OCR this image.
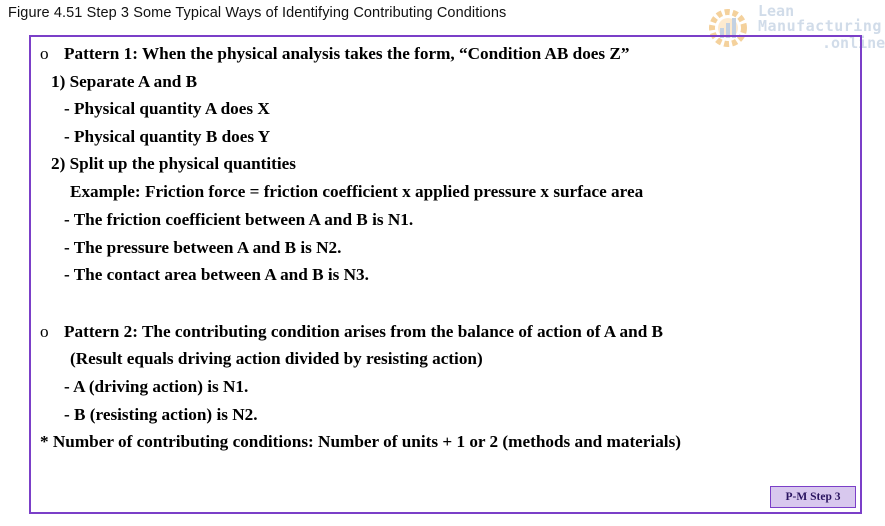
Figure 4.51 Step 3 Some Typical Ways of Identifying Contributing Conditions	Lean
Manufacturing
.online
o Pattern 1: When the physical analysis takes the form, “Condition AB does Z”
1) Separate A and B
- Physical quantity A does X
- Physical quantity B does Y
2) Split up the physical quantities
Example: Friction force = friction coefficient x applied pressure x surface area
- The friction coefficient between A and B is N1.
- The pressure between A and B is N2.
- The contact area between A and B is N3.
o Pattern 2: The contributing condition arises from the balance of action of A and B
(Result equals driving action divided by resisting action)
- A (driving action) is N1.
- B (resisting action) is N2.
* Number of contributing conditions: Number of units + 1 or 2 (methods and materials)
P-M Step 3
